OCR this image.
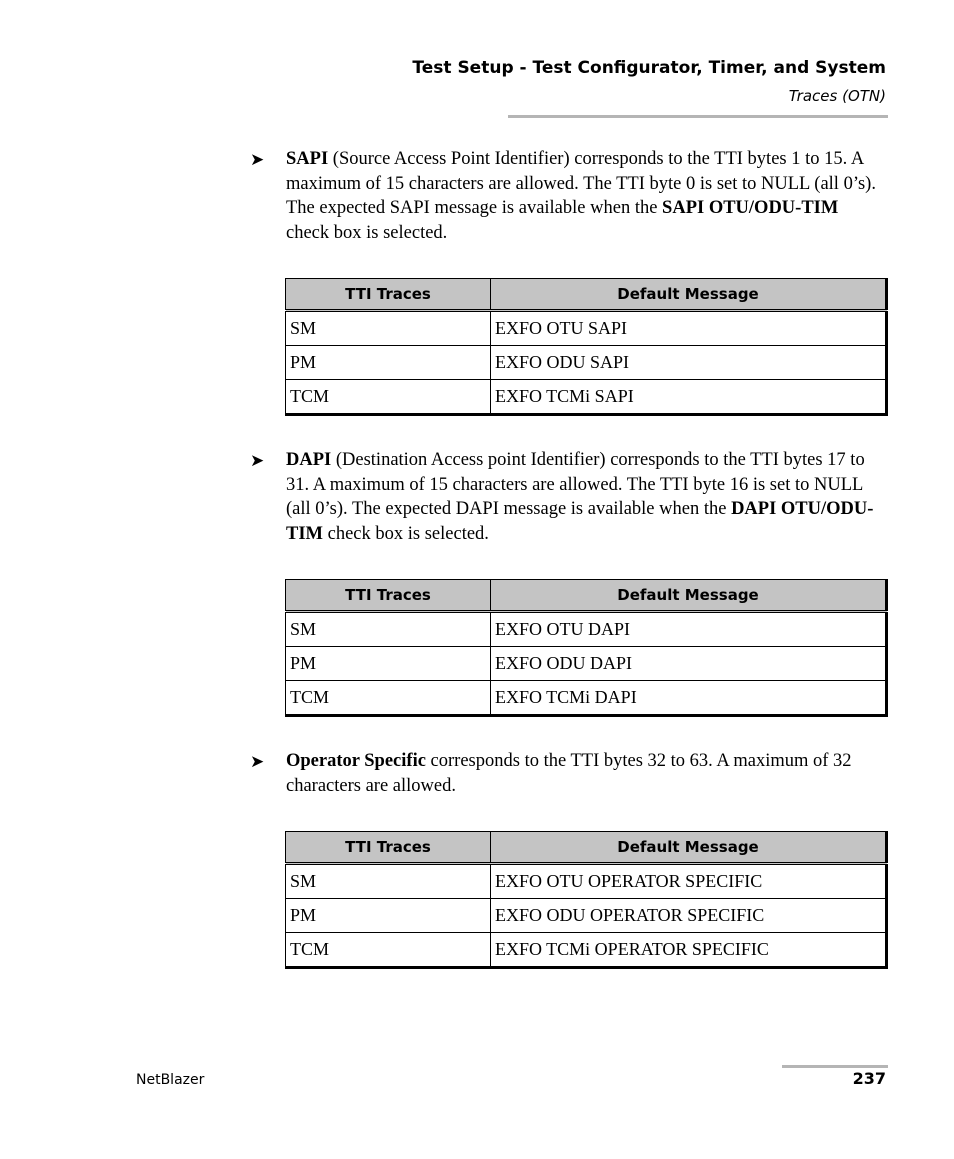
Test Setup - Test Configurator, Timer, and System
Traces (OTN)
➤ SAPI (Source Access Point Identifier) corresponds to the TTI bytes 1 to 15. A maximum of 15 characters are allowed. The TTI byte 0 is set to NULL (all 0’s). The expected SAPI message is available when the SAPI OTU/ODU-TIM check box is selected.
TTI Traces	Default Message
SM	EXFO OTU SAPI
PM	EXFO ODU SAPI
TCM	EXFO TCMi SAPI
➤ DAPI (Destination Access point Identifier) corresponds to the TTI bytes 17 to 31. A maximum of 15 characters are allowed. The TTI byte 16 is set to NULL (all 0’s). The expected DAPI message is available when the DAPI OTU/ODU-TIM check box is selected.
TTI Traces	Default Message
SM	EXFO OTU DAPI
PM	EXFO ODU DAPI
TCM	EXFO TCMi DAPI
➤ Operator Specific corresponds to the TTI bytes 32 to 63. A maximum of 32 characters are allowed.
TTI Traces	Default Message
SM	EXFO OTU OPERATOR SPECIFIC
PM	EXFO ODU OPERATOR SPECIFIC
TCM	EXFO TCMi OPERATOR SPECIFIC
NetBlazer	237
